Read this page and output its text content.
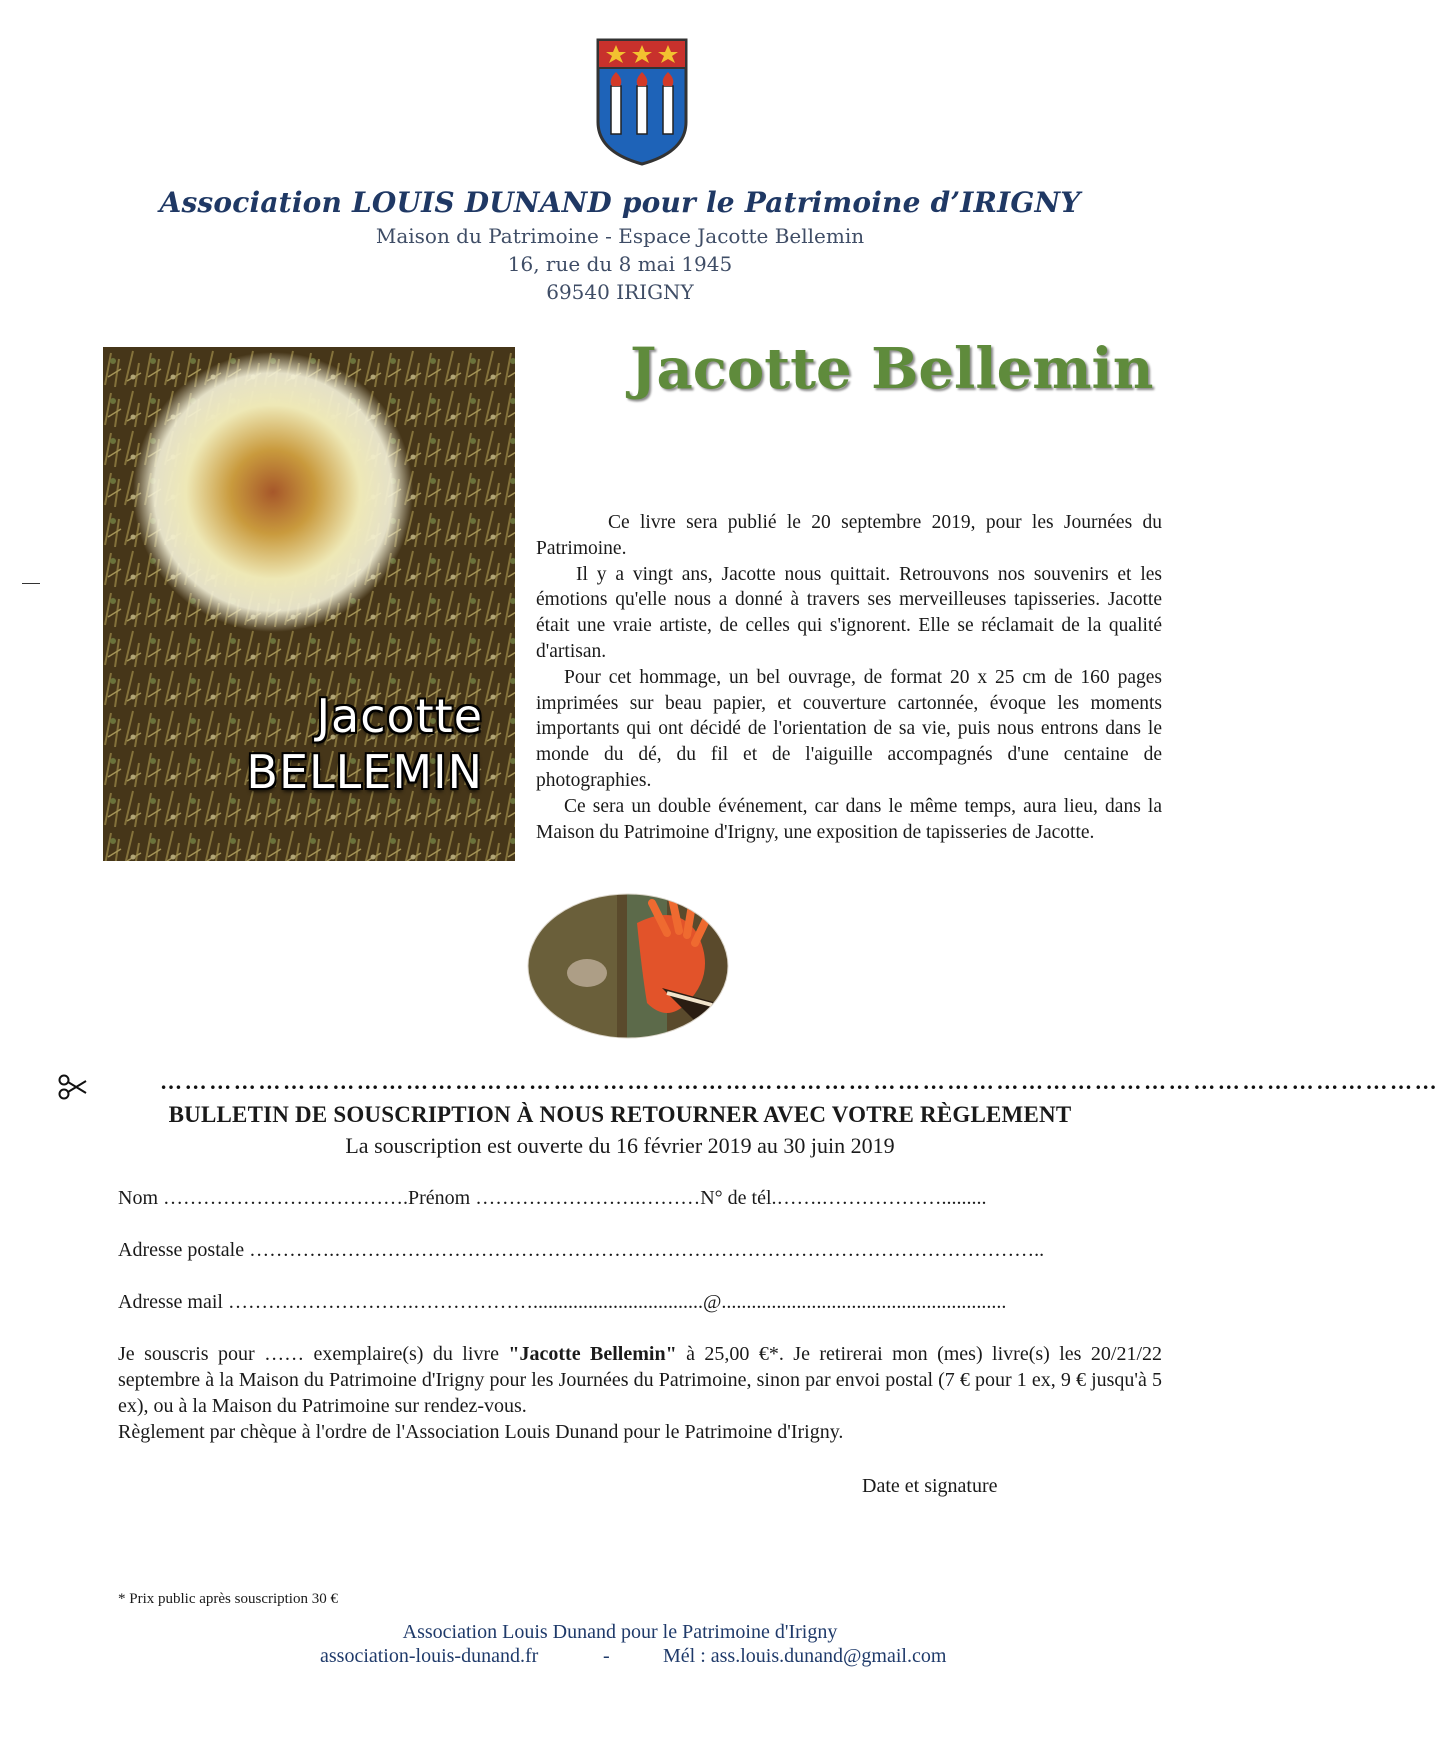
Association LOUIS DUNAND pour le Patrimoine d’IRIGNY
Maison du Patrimoine - Espace Jacotte Bellemin
16, rue du 8 mai 1945
69540 IRIGNY
Jacotte
BELLEMIN
Jacotte Bellemin

Ce livre sera publié le 20 septembre 2019, pour les Journées du Patrimoine.

Il y a vingt ans, Jacotte nous quittait. Retrouvons nos souvenirs et les émotions qu'elle nous a donné à travers ses merveilleuses tapisseries. Jacotte était une vraie artiste, de celles qui s'ignorent. Elle se réclamait de la qualité d'artisan.

Pour cet hommage, un bel ouvrage, de format 20 x 25 cm de 160 pages imprimées sur beau papier, et couverture cartonnée, évoque les moments importants qui ont décidé de l'orientation de sa vie, puis nous entrons dans le monde du dé, du fil et de l'aiguille accompagnés d'une centaine de photographies.

Ce sera un double événement, car dans le même temps, aura lieu, dans la Maison du Patrimoine d'Irigny, une exposition de tapisseries de Jacotte.

…………………………………………………………………………………………………………………………………………
BULLETIN DE SOUSCRIPTION À NOUS RETOURNER AVEC VOTRE RÈGLEMENT
La souscription est ouverte du 16 février 2019 au 30 juin 2019
Nom ……………………………….Prénom …………………….………N° de tél.…….……………….........
Adresse postale ………….……………………………………………………………………………………………..
Adresse mail ……………………….………………..................................@.........................................................

Je souscris pour …… exemplaire(s) du livre "Jacotte Bellemin" à 25,00 €*. Je retirerai mon (mes) livre(s) les 20/21/22 septembre à la Maison du Patrimoine d'Irigny pour les Journées du Patrimoine, sinon par envoi postal (7 € pour 1 ex, 9 € jusqu'à 5 ex), ou à la Maison du Patrimoine sur rendez-vous.

Règlement par chèque à l'ordre de l'Association Louis Dunand pour le Patrimoine d'Irigny.

Date et signature
* Prix public après souscription 30 €
Association Louis Dunand pour le Patrimoine d'Irigny
association-louis-dunand.fr	-	Mél : ass.louis.dunand@gmail.com
